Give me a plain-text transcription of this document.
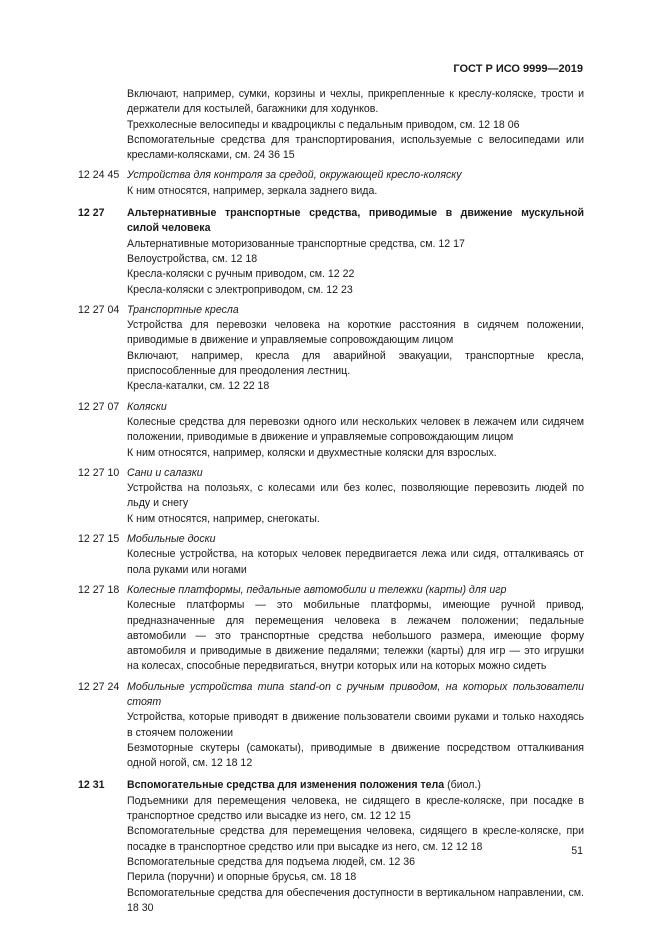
ГОСТ Р ИСО 9999—2019
Включают, например, сумки, корзины и чехлы, прикрепленные к креслу-коляске, трости и держатели для костылей, багажники для ходунков.
Трехколесные велосипеды и квадроциклы с педальным приводом, см. 12 18 06
Вспомогательные средства для транспортирования, используемые с велосипедами или креслами-колясками, см. 24 36 15
12 24 45 Устройства для контроля за средой, окружающей кресло-коляску
К ним относятся, например, зеркала заднего вида.
12 27 Альтернативные транспортные средства, приводимые в движение мускульной силой человека
Альтернативные моторизованные транспортные средства, см. 12 17
Велоустройства, см. 12 18
Кресла-коляски с ручным приводом, см. 12 22
Кресла-коляски с электроприводом, см. 12 23
12 27 04 Транспортные кресла
Устройства для перевозки человека на короткие расстояния в сидячем положении, приводимые в движение и управляемые сопровождающим лицом
Включают, например, кресла для аварийной эвакуации, транспортные кресла, приспособленные для преодоления лестниц.
Кресла-каталки, см. 12 22 18
12 27 07 Коляски
Колесные средства для перевозки одного или нескольких человек в лежачем или сидячем положении, приводимые в движение и управляемые сопровождающим лицом
К ним относятся, например, коляски и двухместные коляски для взрослых.
12 27 10 Сани и салазки
Устройства на полозьях, с колесами или без колес, позволяющие перевозить людей по льду и снегу
К ним относятся, например, снегокаты.
12 27 15 Мобильные доски
Колесные устройства, на которых человек передвигается лежа или сидя, отталкиваясь от пола руками или ногами
12 27 18 Колесные платформы, педальные автомобили и тележки (карты) для игр
Колесные платформы — это мобильные платформы, имеющие ручной привод, предназначенные для перемещения человека в лежачем положении; педальные автомобили — это транспортные средства небольшого размера, имеющие форму автомобиля и приводимые в движение педалями; тележки (карты) для игр — это игрушки на колесах, способные передвигаться, внутри которых или на которых можно сидеть
12 27 24 Мобильные устройства типа stand-on с ручным приводом, на которых пользователи стоят
Устройства, которые приводят в движение пользователи своими руками и только находясь в стоячем положении
Безмоторные скутеры (самокаты), приводимые в движение посредством отталкивания одной ногой, см. 12 18 12
12 31 Вспомогательные средства для изменения положения тела (биол.)
Подъемники для перемещения человека, не сидящего в кресле-коляске, при посадке в транспортное средство или высадке из него, см. 12 12 15
Вспомогательные средства для перемещения человека, сидящего в кресле-коляске, при посадке в транспортное средство или при высадке из него, см. 12 12 18
Вспомогательные средства для подъема людей, см. 12 36
Перила (поручни) и опорные брусья, см. 18 18
Вспомогательные средства для обеспечения доступности в вертикальном направлении, см. 18 30
51
